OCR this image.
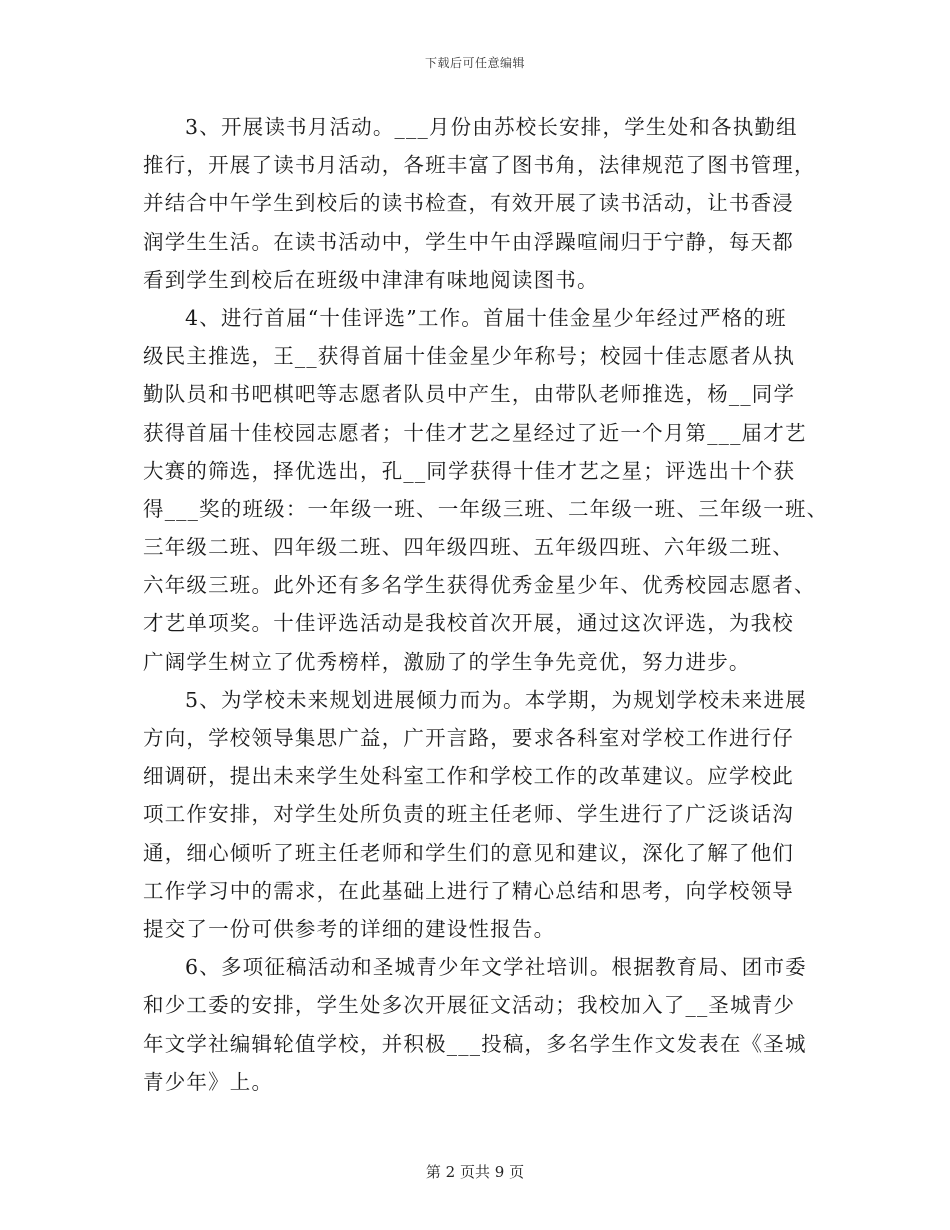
下载后可任意编辑

3、开展读书月活动。___月份由苏校长安排，学生处和各执勤组
推行，开展了读书月活动，各班丰富了图书角，法律规范了图书管理，
并结合中午学生到校后的读书检查，有效开展了读书活动，让书香浸
润学生生活。在读书活动中，学生中午由浮躁喧闹归于宁静，每天都
看到学生到校后在班级中津津有味地阅读图书。

4、进行首届“十佳评选”工作。首届十佳金星少年经过严格的班
级民主推选，王__获得首届十佳金星少年称号；校园十佳志愿者从执
勤队员和书吧棋吧等志愿者队员中产生，由带队老师推选，杨__同学
获得首届十佳校园志愿者；十佳才艺之星经过了近一个月第___届才艺
大赛的筛选，择优选出，孔__同学获得十佳才艺之星；评选出十个获
得___奖的班级：一年级一班、一年级三班、二年级一班、三年级一班、
三年级二班、四年级二班、四年级四班、五年级四班、六年级二班、
六年级三班。此外还有多名学生获得优秀金星少年、优秀校园志愿者、
才艺单项奖。十佳评选活动是我校首次开展，通过这次评选，为我校
广阔学生树立了优秀榜样，激励了的学生争先竞优，努力进步。

5、为学校未来规划进展倾力而为。本学期，为规划学校未来进展
方向，学校领导集思广益，广开言路，要求各科室对学校工作进行仔
细调研，提出未来学生处科室工作和学校工作的改革建议。应学校此
项工作安排，对学生处所负责的班主任老师、学生进行了广泛谈话沟
通，细心倾听了班主任老师和学生们的意见和建议，深化了解了他们
工作学习中的需求，在此基础上进行了精心总结和思考，向学校领导
提交了一份可供参考的详细的建设性报告。

6、多项征稿活动和圣城青少年文学社培训。根据教育局、团市委
和少工委的安排，学生处多次开展征文活动；我校加入了__圣城青少
年文学社编辑轮值学校，并积极___投稿，多名学生作文发表在《圣城
青少年》上。

第 2 页共 9 页
